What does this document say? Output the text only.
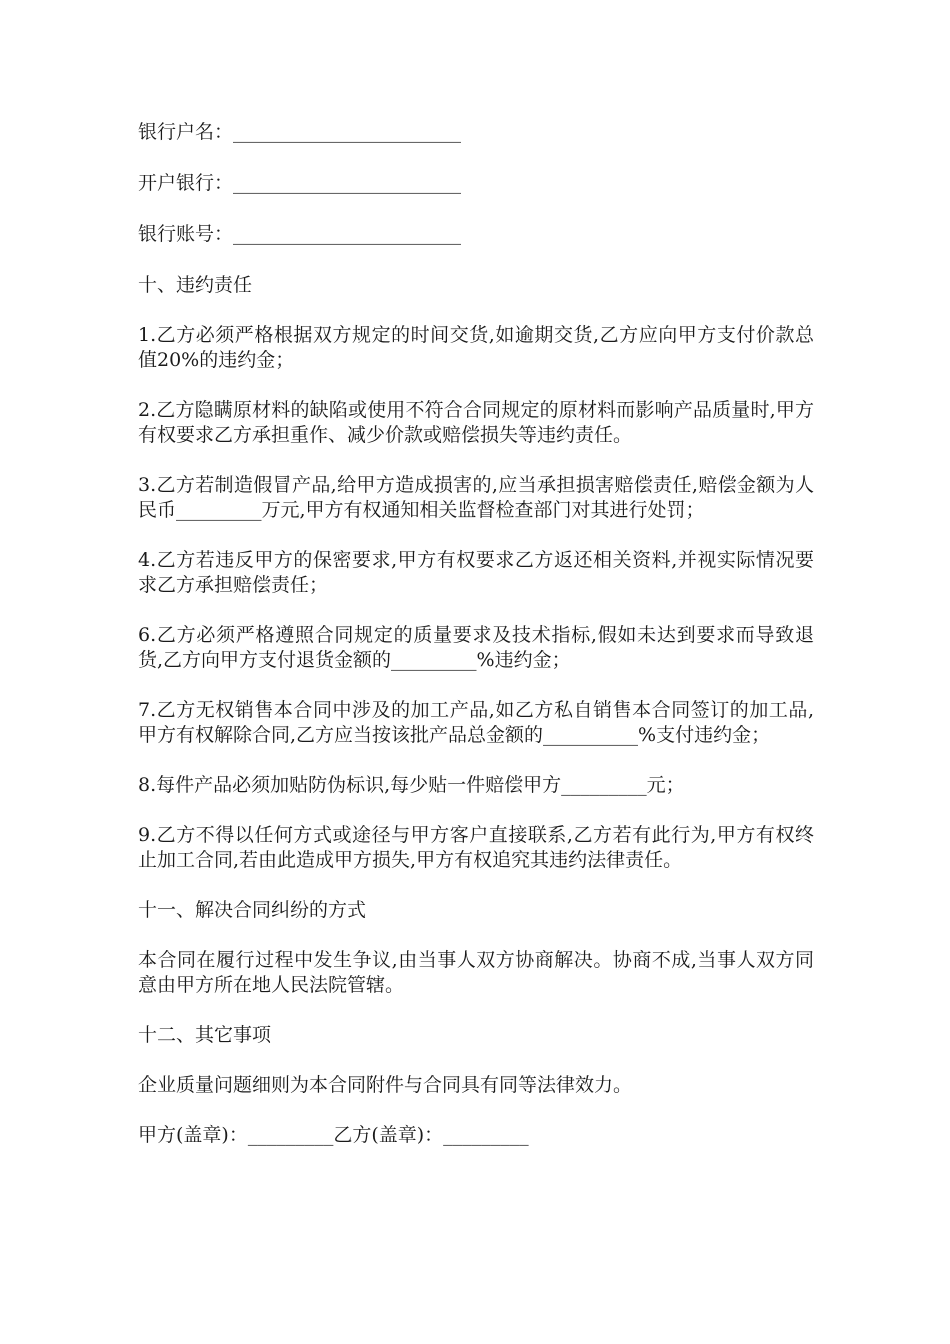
银行户名：________________________

开户银行：________________________

银行账号：________________________

十、违约责任

1.乙方必须严格根据双方规定的时间交货,如逾期交货,乙方应向甲方支付价款总值20%的违约金；

2.乙方隐瞒原材料的缺陷或使用不符合合同规定的原材料而影响产品质量时,甲方有权要求乙方承担重作、减少价款或赔偿损失等违约责任。

3.乙方若制造假冒产品,给甲方造成损害的,应当承担损害赔偿责任,赔偿金额为人民币_________万元,甲方有权通知相关监督检查部门对其进行处罚；

4.乙方若违反甲方的保密要求,甲方有权要求乙方返还相关资料,并视实际情况要求乙方承担赔偿责任；

6.乙方必须严格遵照合同规定的质量要求及技术指标,假如未达到要求而导致退货,乙方向甲方支付退货金额的_________%违约金；

7.乙方无权销售本合同中涉及的加工产品,如乙方私自销售本合同签订的加工品,甲方有权解除合同,乙方应当按该批产品总金额的__________%支付违约金；

8.每件产品必须加贴防伪标识,每少贴一件赔偿甲方_________元；

9.乙方不得以任何方式或途径与甲方客户直接联系,乙方若有此行为,甲方有权终止加工合同,若由此造成甲方损失,甲方有权追究其违约法律责任。

十一、解决合同纠纷的方式

本合同在履行过程中发生争议,由当事人双方协商解决。协商不成,当事人双方同意由甲方所在地人民法院管辖。

十二、其它事项

企业质量问题细则为本合同附件与合同具有同等法律效力。

甲方(盖章)：_________乙方(盖章)：_________
